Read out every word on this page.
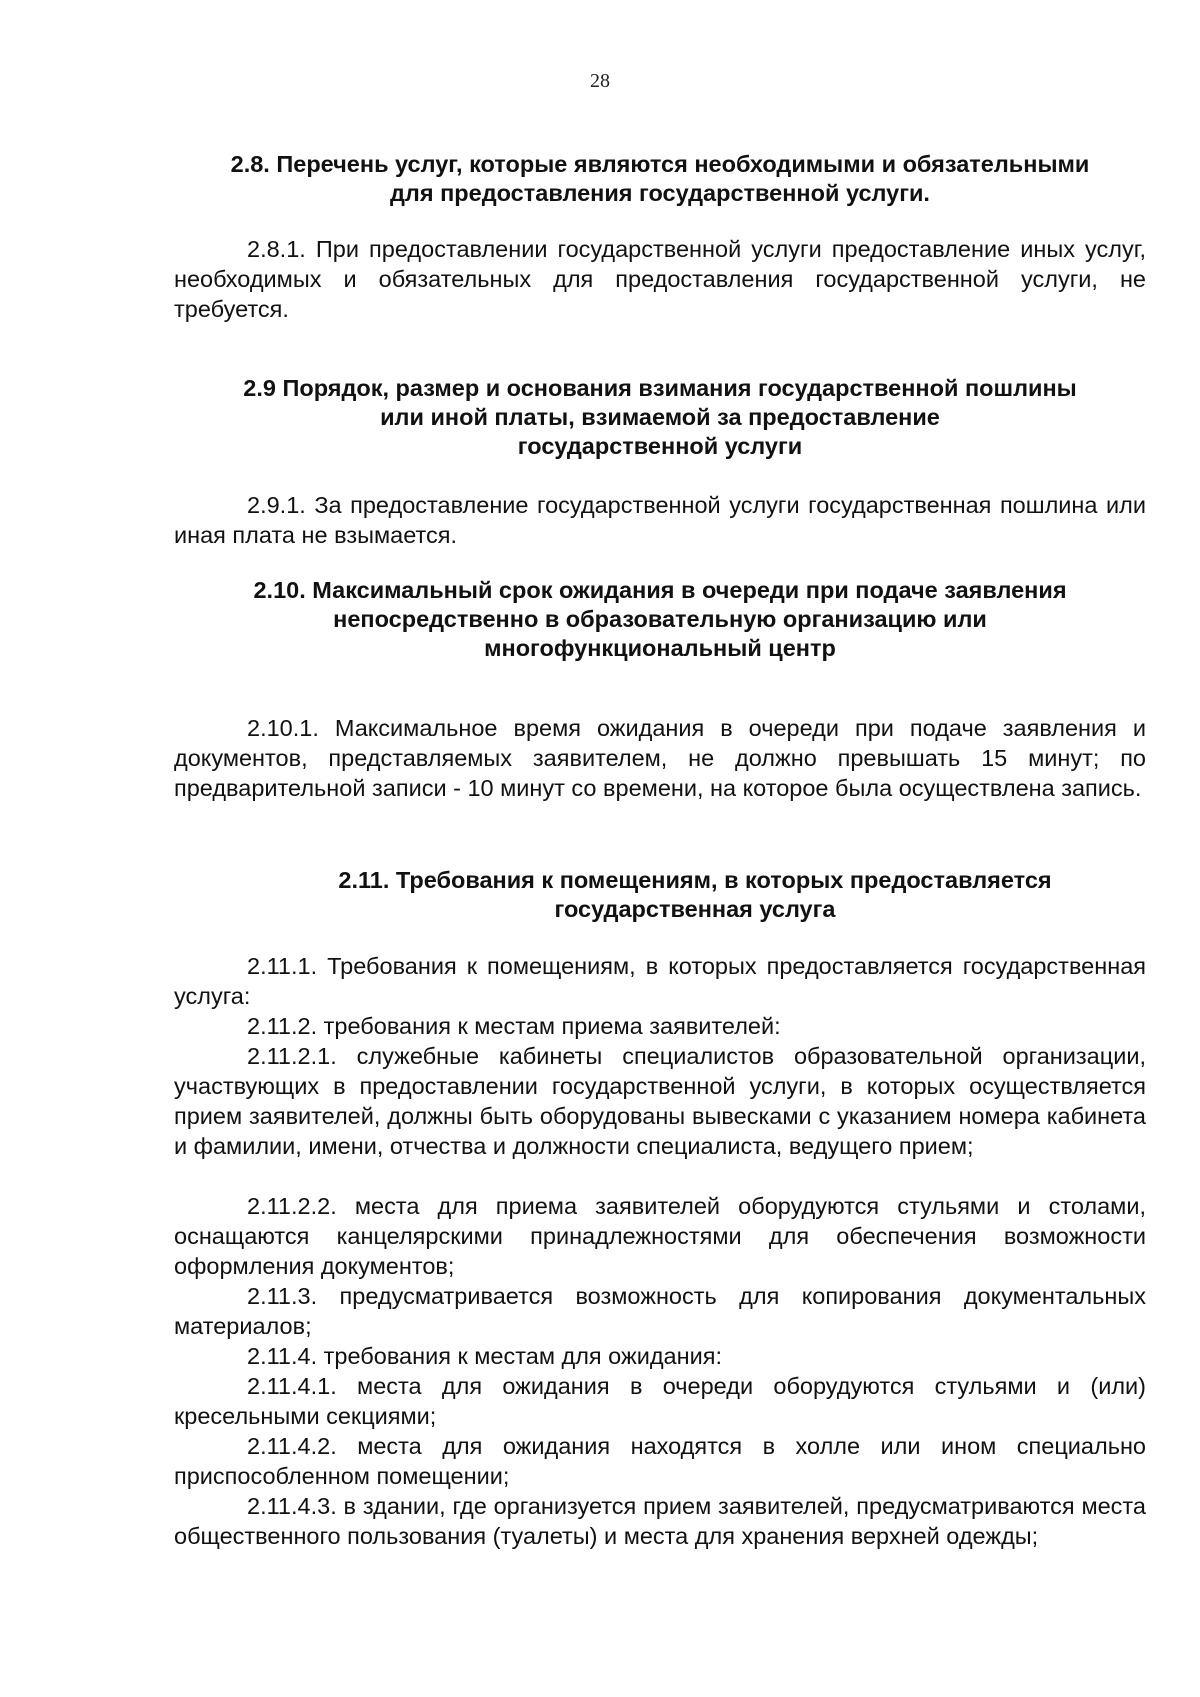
28
2.8. Перечень услуг, которые являются необходимыми и обязательными
для предоставления государственной услуги.

2.8.1. При предоставлении государственной услуги предоставление иных услуг, необходимых и обязательных для предоставления государственной услуги, не требуется.

2.9 Порядок, размер и основания взимания государственной пошлины
или иной платы, взимаемой за предоставление
государственной услуги

2.9.1. За предоставление государственной услуги государственная пошлина или иная плата не взымается.

2.10. Максимальный срок ожидания в очереди при подаче заявления
непосредственно в образовательную организацию или
многофункциональный центр

2.10.1. Максимальное время ожидания в очереди при подаче заявления и документов, представляемых заявителем, не должно превышать 15 минут; по предварительной записи - 10 минут со времени, на которое была осуществлена запись.

2.11. Требования к помещениям, в которых предоставляется
государственная услуга

2.11.1. Требования к помещениям, в которых предоставляется государственная услуга:

2.11.2. требования к местам приема заявителей:

2.11.2.1. служебные кабинеты специалистов образовательной организации, участвующих в предоставлении государственной услуги, в которых осуществляется прием заявителей, должны быть оборудованы вывесками с указанием номера кабинета и фамилии, имени, отчества и должности специалиста, ведущего прием;

2.11.2.2. места для приема заявителей оборудуются стульями и столами, оснащаются канцелярскими принадлежностями для обеспечения возможности оформления документов;

2.11.3. предусматривается возможность для копирования документальных материалов;

2.11.4. требования к местам для ожидания:

2.11.4.1. места для ожидания в очереди оборудуются стульями и (или) кресельными секциями;

2.11.4.2. места для ожидания находятся в холле или ином специально приспособленном помещении;

2.11.4.3. в здании, где организуется прием заявителей, предусматриваются места общественного пользования (туалеты) и места для хранения верхней одежды;
